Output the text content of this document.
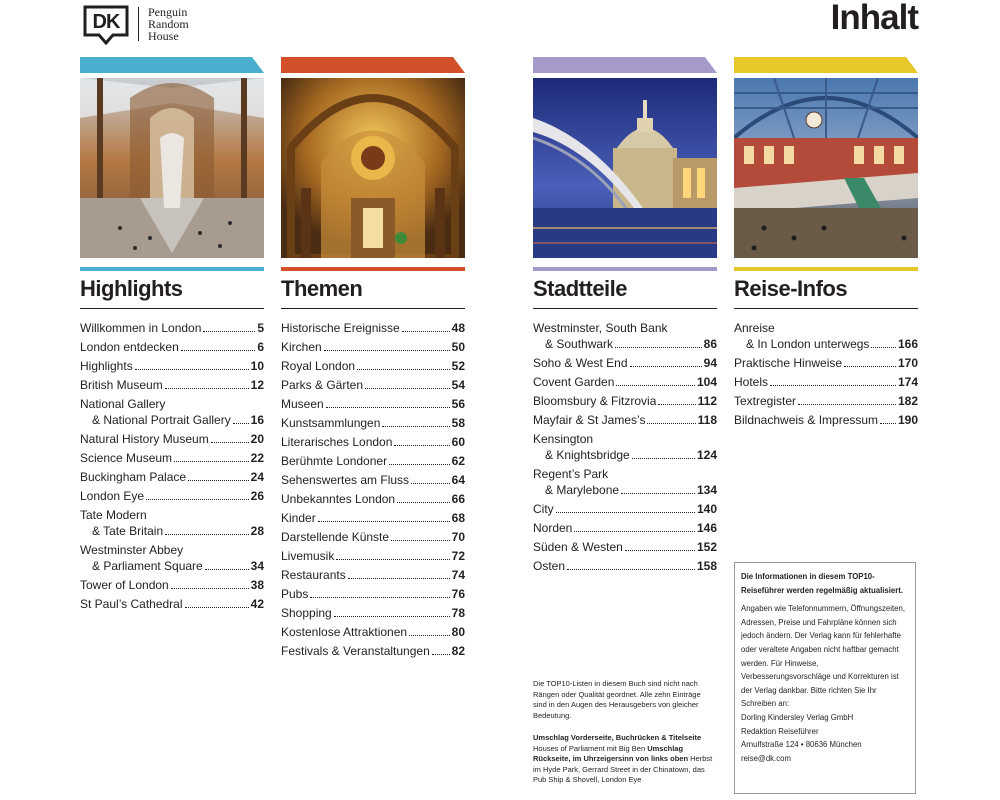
DK	Penguin
Random
House	Inhalt
Highlights
Willkommen in London	5
London entdecken	6
Highlights	10
British Museum	12
National Gallery
& National Portrait Gallery 16
Natural History Museum	20
Science Museum	22
Buckingham Palace	24
London Eye	26
Tate Modern
& Tate Britain	28
Westminster Abbey
& Parliament Square	34
Tower of London	38
St Paul’s Cathedral	42
Themen
Historische Ereignisse	48
Kirchen	50
Royal London	52
Parks & Gärten	54
Museen	56
Kunstsammlungen	58
Literarisches London	60
Berühmte Londoner	62
Sehenswertes am Fluss	64
Unbekanntes London	66
Kinder	68
Darstellende Künste	70
Livemusik	72
Restaurants	74
Pubs	76
Shopping	78
Kostenlose Attraktionen	80
Festivals & Veranstaltungen 82
Stadtteile
Westminster, South Bank
& Southwark	86
Soho & West End	94
Covent Garden	104
Bloomsbury & Fitzrovia	112
Mayfair & St James’s	118
Kensington
& Knightsbridge	124
Regent’s Park
& Marylebone	134
City	140
Norden	146
Süden & Westen	152
Osten	158
Reise-Infos
Anreise
& In London unterwegs 166
Praktische Hinweise	170
Hotels	174
Textregister	182
Bildnachweis & Impressum 190
Die TOP10-Listen in diesem Buch sind nicht nach Rängen oder Qualität geordnet. Alle zehn Einträge sind in den Augen des Herausgebers von gleicher Bedeutung.
Umschlag Vorderseite, Buchrücken & Titelseite Houses of Parliament mit Big Ben Umschlag Rückseite, im Uhrzeigersinn von links oben Herbst im Hyde Park, Gerrard Street in der Chinatown, das Pub Ship & Shovell, London Eye
Die Informationen in diesem TOP10-Reiseführer werden regelmäßig aktualisiert.
Angaben wie Telefonnummern, Öffnungszeiten, Adressen, Preise und Fahrpläne können sich jedoch ändern. Der Verlag kann für fehlerhafte oder veraltete Angaben nicht haftbar gemacht werden. Für Hinweise, Verbesserungsvorschläge und Korrekturen ist der Verlag dankbar. Bitte richten Sie Ihr Schreiben an:
Dorling Kindersley Verlag GmbH
Redaktion Reiseführer
Arnulfstraße 124 • 80636 München
reise@dk.com
